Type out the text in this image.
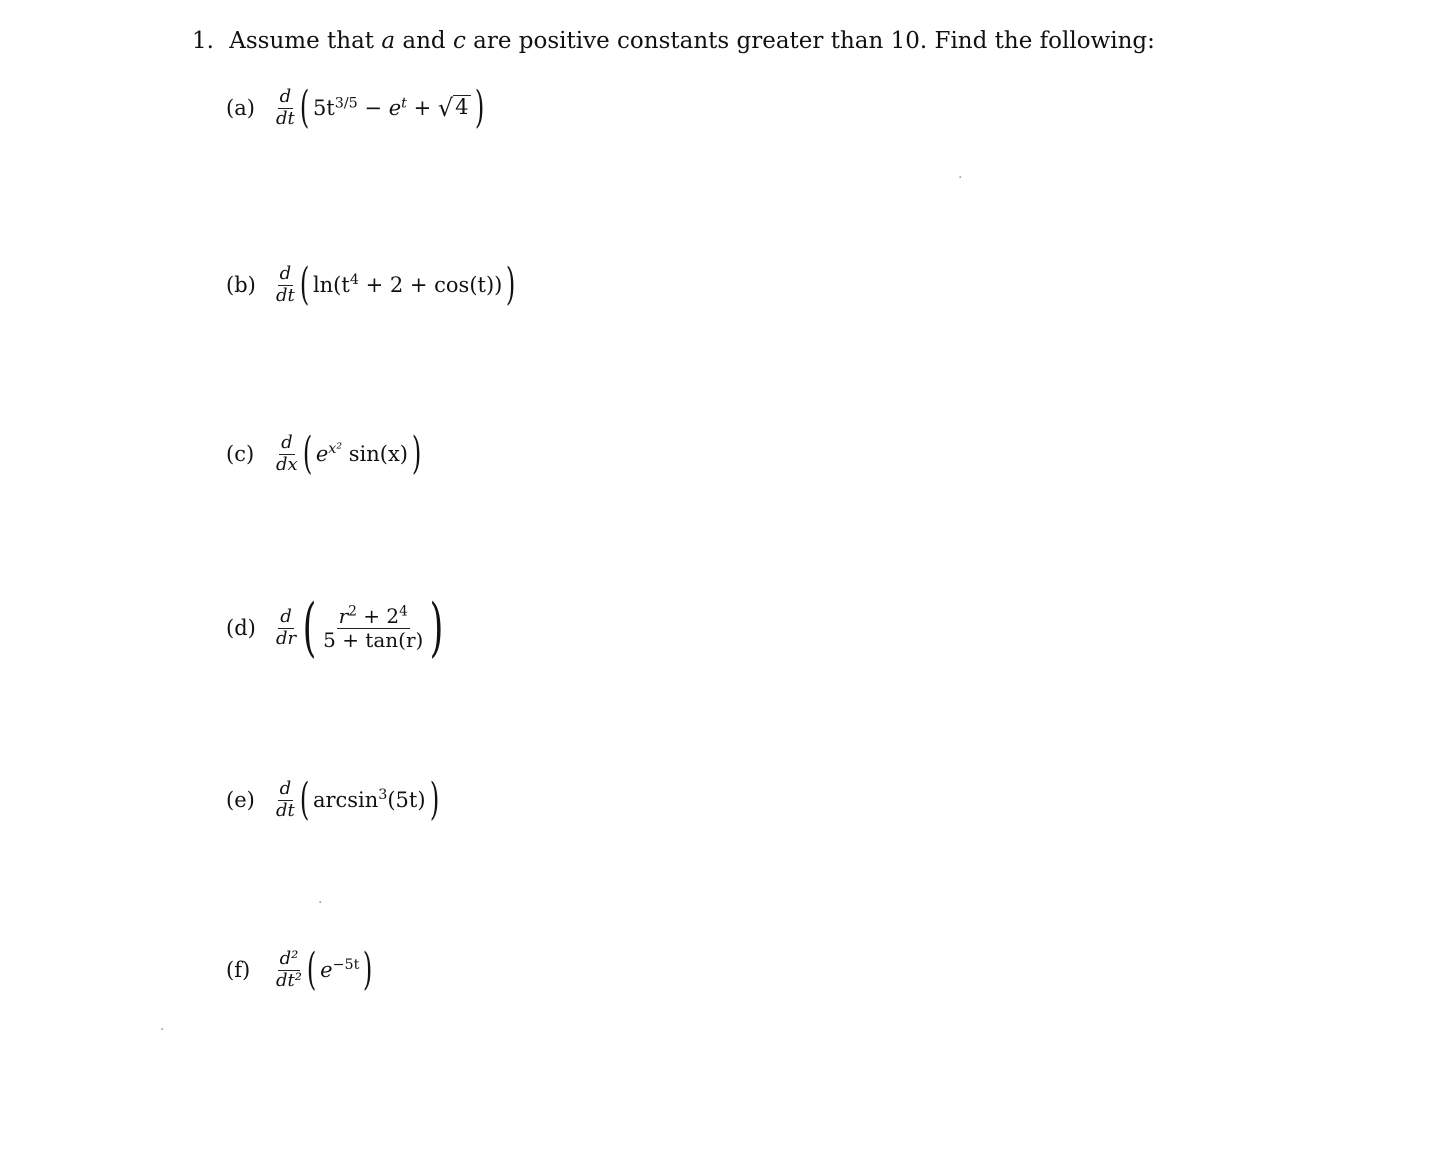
1. Assume that a and c are positive constants greater than 10. Find the following:
(a)	$\frac{d}{dt}$ ( $5t^{3/5} - e^t$ + √ 4 )
(b)	$\frac{d}{dt}$ ( $\ln(t^4 + 2 + \cos(t))$ )
(c)	$\frac{d}{dx}$ ( $e^{x^2}$ sin(x) )
(d)	$\frac{d}{dr}$ ( $\frac{r^2 + 2^4}{5 + \tan(r)}$ )
(e)	$\frac{d}{dt}$ ( $\arcsin^3(5t)$ )
(f)	$\frac{\text{d²}}{\text{dt²}}$ ( $e^{-5t}$ )
·
·
·
